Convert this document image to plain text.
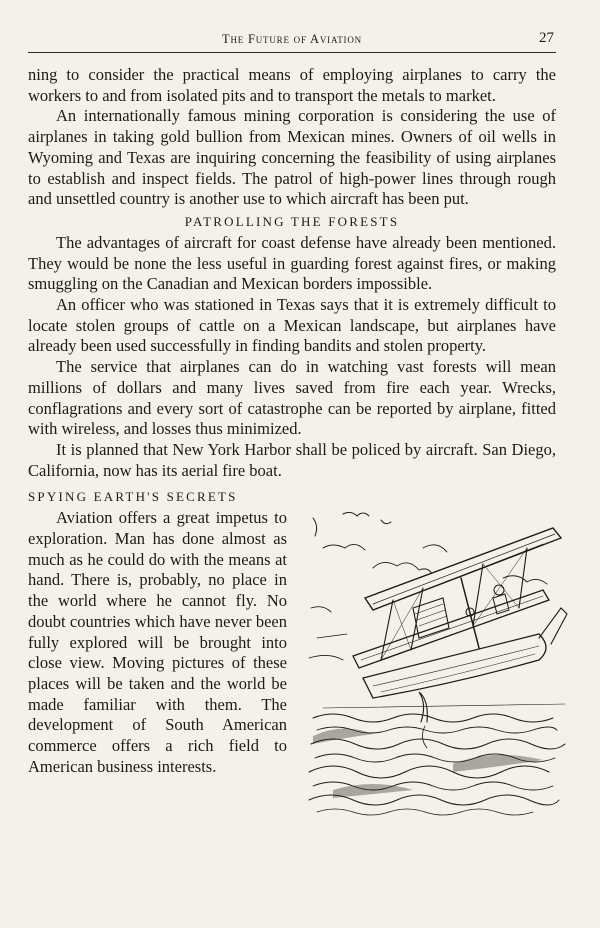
The Future of Aviation	27

ning to consider the practical means of employing airplanes to carry the workers to and from isolated pits and to transport the metals to market.

An internationally famous mining corporation is considering the use of airplanes in taking gold bullion from Mexican mines. Owners of oil wells in Wyoming and Texas are inquiring concerning the feasibility of using airplanes to establish and inspect fields. The patrol of high-power lines through rough and unsettled country is another use to which aircraft has been put.

PATROLLING THE FORESTS

The advantages of aircraft for coast defense have already been mentioned. They would be none the less useful in guarding forest against fires, or making smuggling on the Canadian and Mexican borders impossible.

An officer who was stationed in Texas says that it is extremely difficult to locate stolen groups of cattle on a Mexican landscape, but airplanes have already been used successfully in finding bandits and stolen property.

The service that airplanes can do in watching vast forests will mean millions of dollars and many lives saved from fire each year. Wrecks, conflagrations and every sort of catastrophe can be reported by airplane, fitted with wireless, and losses thus minimized.

It is planned that New York Harbor shall be policed by aircraft. San Diego, California, now has its aerial fire boat.

SPYING EARTH'S SECRETS

Aviation offers a great impetus to exploration. Man has done almost as much as he could do with the means at hand. There is, probably, no place in the world where he cannot fly. No doubt countries which have never been fully explored will be brought into close view. Moving pictures of these places will be taken and the world be made familiar with them. The development of South American commerce offers a rich field to American business interests.
